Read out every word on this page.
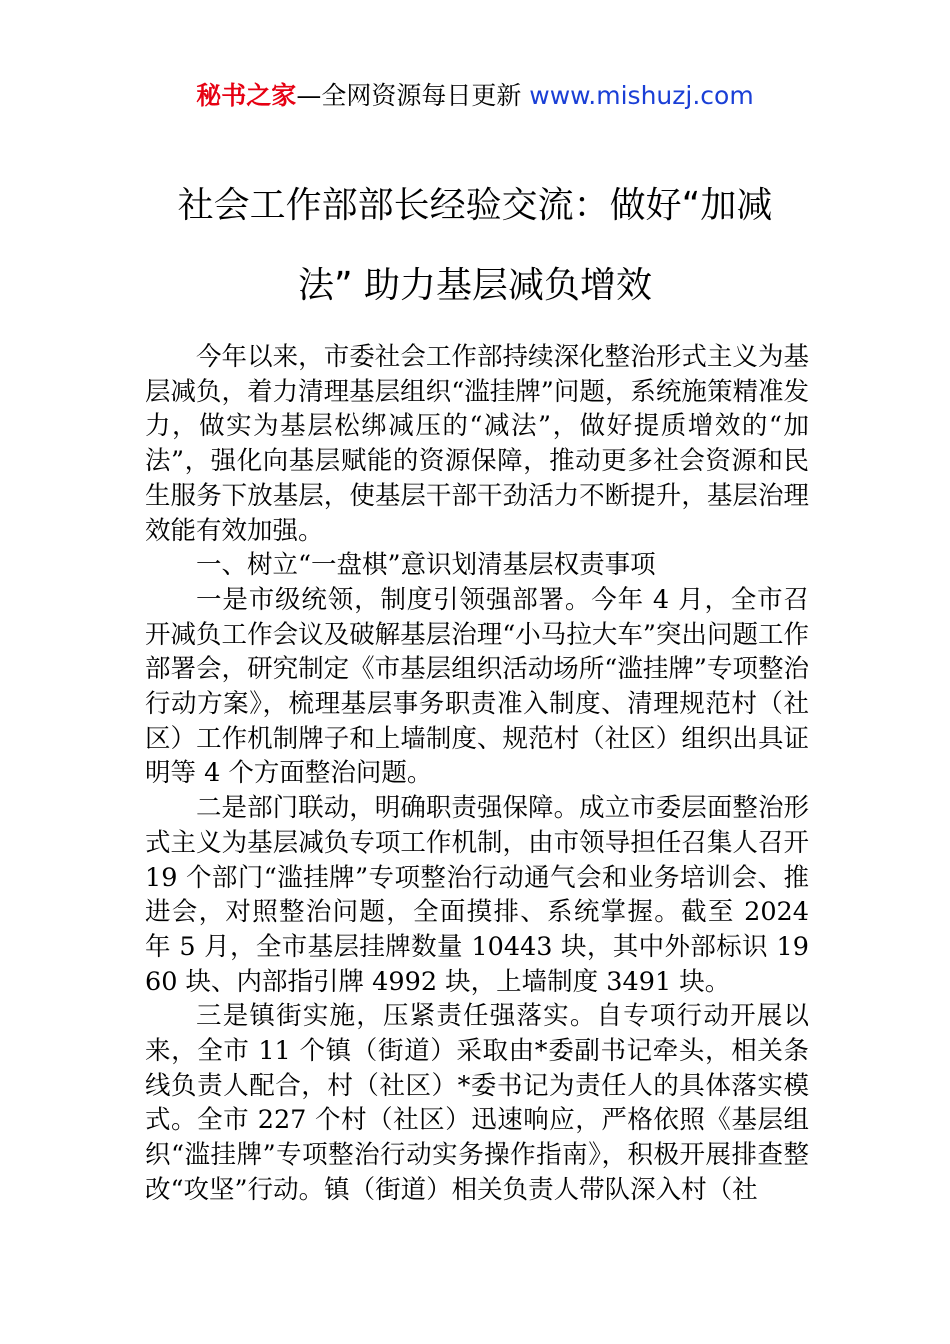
秘书之家—全网资源每日更新 www.mishuzj.com
社会工作部部长经验交流：做好“加减
法” 助力基层减负增效

今年以来，市委社会工作部持续深化整治形式主义为基层减负，着力清理基层组织“滥挂牌”问题，系统施策精准发力，做实为基层松绑减压的“减法”，做好提质增效的“加法”，强化向基层赋能的资源保障，推动更多社会资源和民生服务下放基层，使基层干部干劲活力不断提升，基层治理效能有效加强。

一、树立“一盘棋”意识划清基层权责事项

一是市级统领，制度引领强部署。今年 4 月，全市召开减负工作会议及破解基层治理“小马拉大车”突出问题工作部署会，研究制定《市基层组织活动场所“滥挂牌”专项整治行动方案》，梳理基层事务职责准入制度、清理规范村（社区）工作机制牌子和上墙制度、规范村（社区）组织出具证明等 4 个方面整治问题。

二是部门联动，明确职责强保障。成立市委层面整治形式主义为基层减负专项工作机制，由市领导担任召集人召开 19 个部门“滥挂牌”专项整治行动通气会和业务培训会、推进会，对照整治问题，全面摸排、系统掌握。截至 2024 年 5 月，全市基层挂牌数量 10443 块，其中外部标识 1960 块、内部指引牌 4992 块，上墙制度 3491 块。

三是镇街实施，压紧责任强落实。自专项行动开展以来，全市 11 个镇（街道）采取由*委副书记牵头，相关条线负责人配合，村（社区）*委书记为责任人的具体落实模式。全市 227 个村（社区）迅速响应，严格依照《基层组织“滥挂牌”专项整治行动实务操作指南》，积极开展排查整改“攻坚”行动。镇（街道）相关负责人带队深入村（社
